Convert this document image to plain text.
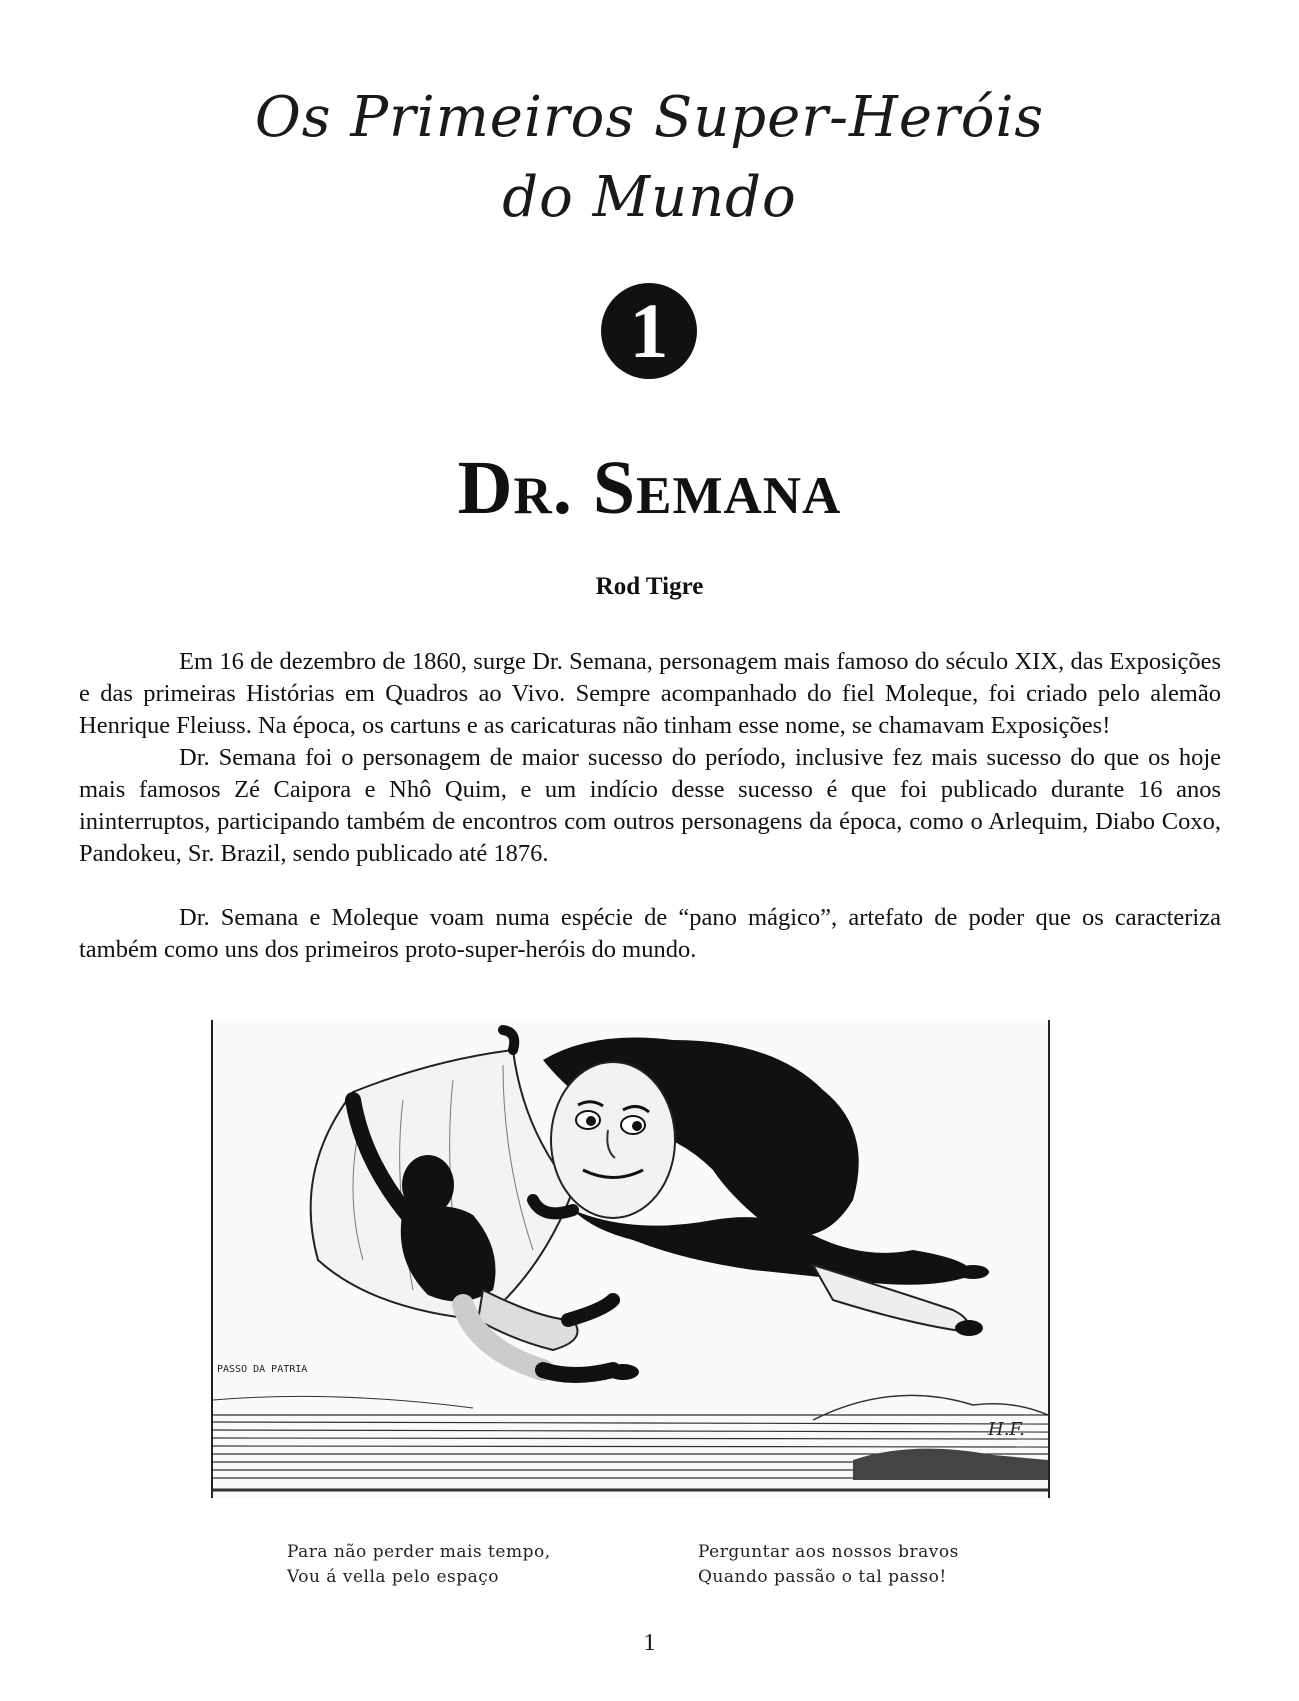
Os Primeiros Super-Heróis
do Mundo
1
Dr. Semana
Rod Tigre

Em 16 de dezembro de 1860, surge Dr. Semana, personagem mais famoso do século XIX, das Exposições e das primeiras Histórias em Quadros ao Vivo. Sempre acompanhado do fiel Moleque, foi criado pelo alemão Henrique Fleiuss. Na época, os cartuns e as caricaturas não tinham esse nome, se chamavam Exposições!

Dr. Semana foi o personagem de maior sucesso do período, inclusive fez mais sucesso do que os hoje mais famosos Zé Caipora e Nhô Quim, e um indício desse sucesso é que foi publicado durante 16 anos ininterruptos, participando também de encontros com outros personagens da época, como o Arlequim, Diabo Coxo, Pandokeu, Sr. Brazil, sendo publicado até 1876.

Dr. Semana e Moleque voam numa espécie de “pano mágico”, artefato de poder que os caracteriza também como uns dos primeiros proto-super-heróis do mundo.

PASSO DA PATRIA
H.F.
Para não perder mais tempo,
Vou á vella pelo espaço
Perguntar aos nossos bravos
Quando passão o tal passo!
1
